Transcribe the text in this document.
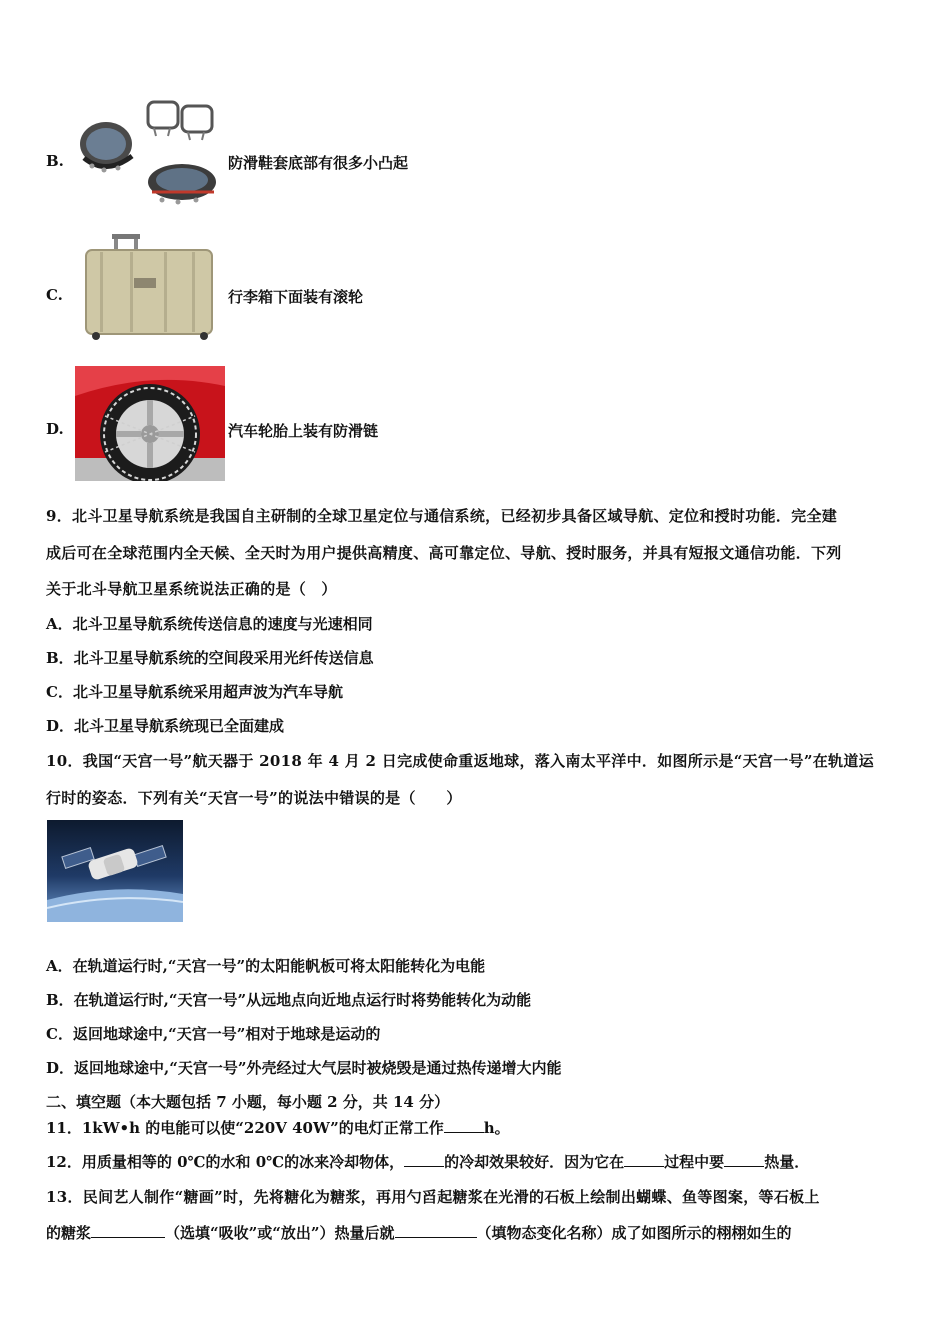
B.	防滑鞋套底部有很多小凸起
C.	行李箱下面装有滚轮
D.	汽车轮胎上装有防滑链
9．北斗卫星导航系统是我国自主研制的全球卫星定位与通信系统，已经初步具备区域导航、定位和授时功能．完全建
成后可在全球范围内全天候、全天时为用户提供高精度、高可靠定位、导航、授时服务，并具有短报文通信功能．下列
关于北斗导航卫星系统说法正确的是（　）
A．北斗卫星导航系统传送信息的速度与光速相同
B．北斗卫星导航系统的空间段采用光纤传送信息
C．北斗卫星导航系统采用超声波为汽车导航
D．北斗卫星导航系统现已全面建成
10．我国“天宫一号”航天器于 2018 年 4 月 2 日完成使命重返地球，落入南太平洋中．如图所示是“天宫一号”在轨道运
行时的姿态．下列有关“天宫一号”的说法中错误的是（　　）
A．在轨道运行时,“天宫一号”的太阳能帆板可将太阳能转化为电能
B．在轨道运行时,“天宫一号”从远地点向近地点运行时将势能转化为动能
C．返回地球途中,“天宫一号”相对于地球是运动的
D．返回地球途中,“天宫一号”外壳经过大气层时被烧毁是通过热传递增大内能
二、填空题（本大题包括 7 小题，每小题 2 分，共 14 分）
11．1kW•h 的电能可以使“220V 40W”的电灯正常工作	h。
12．用质量相等的 0℃的水和 0℃的冰来冷却物体，	的冷却效果较好．因为它在	过程中要	热量．
13．民间艺人制作“糖画”时，先将糖化为糖浆，再用勺舀起糖浆在光滑的石板上绘制出蝴蝶、鱼等图案，等石板上
的糖浆	（选填“吸收”或“放出”）热量后就	（填物态变化名称）成了如图所示的栩栩如生的
